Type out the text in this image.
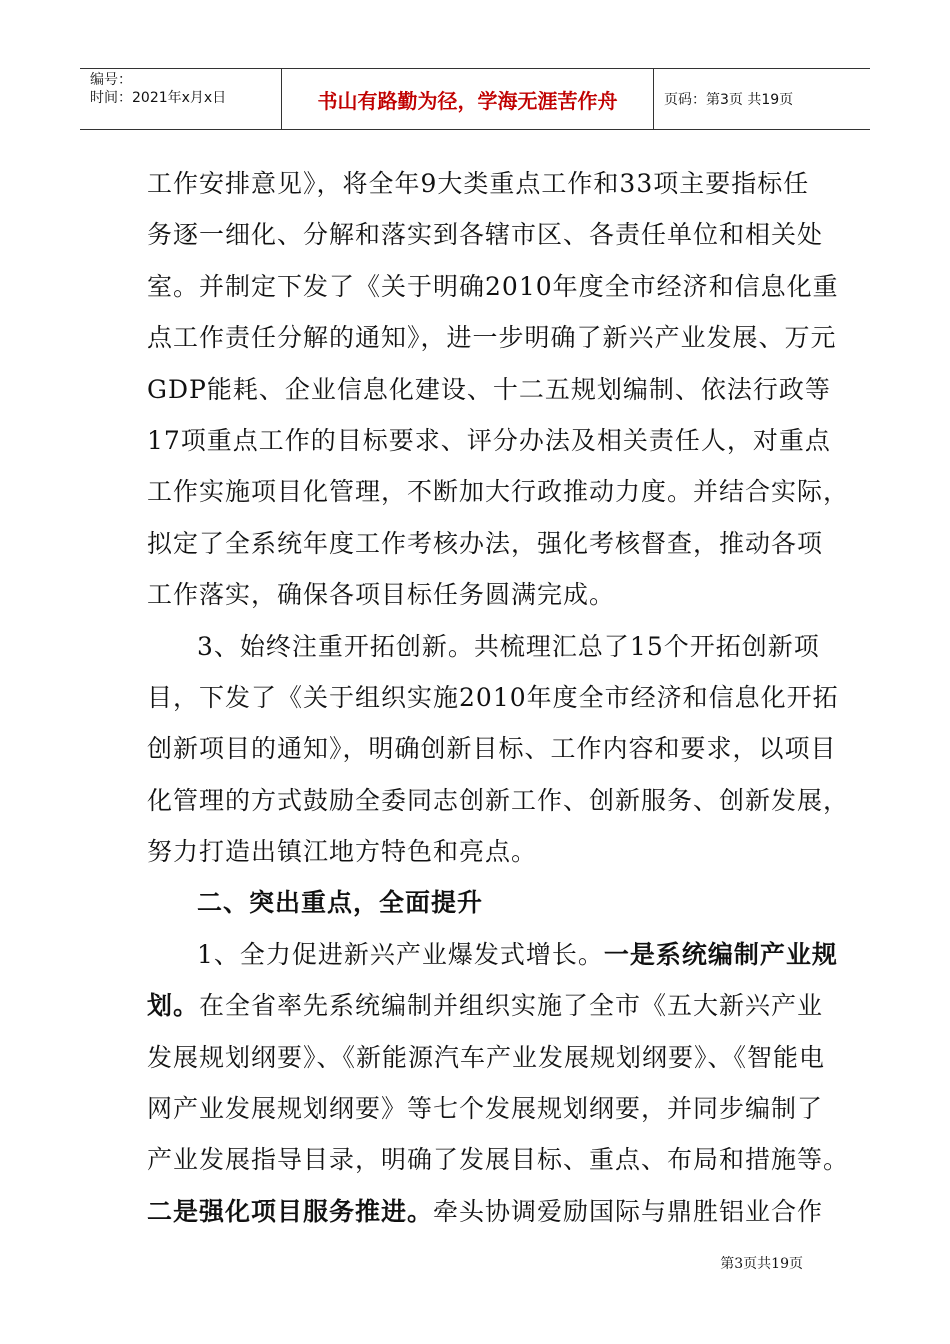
编号：
时间：2021年x月x日	书山有路勤为径，学海无涯苦作舟	页码：第3页 共19页
工作安排意见》，将全年9大类重点工作和33项主要指标任
务逐一细化、分解和落实到各辖市区、各责任单位和相关处
室。并制定下发了《关于明确2010年度全市经济和信息化重
点工作责任分解的通知》，进一步明确了新兴产业发展、万元
GDP能耗、企业信息化建设、十二五规划编制、依法行政等
17项重点工作的目标要求、评分办法及相关责任人，对重点
工作实施项目化管理，不断加大行政推动力度。并结合实际，
拟定了全系统年度工作考核办法，强化考核督查，推动各项
工作落实，确保各项目标任务圆满完成。
3、始终注重开拓创新。共梳理汇总了15个开拓创新项
目，下发了《关于组织实施2010年度全市经济和信息化开拓
创新项目的通知》，明确创新目标、工作内容和要求，以项目
化管理的方式鼓励全委同志创新工作、创新服务、创新发展，
努力打造出镇江地方特色和亮点。
二、突出重点，全面提升
1、全力促进新兴产业爆发式增长。一是系统编制产业规
划。在全省率先系统编制并组织实施了全市《五大新兴产业
发展规划纲要》、《新能源汽车产业发展规划纲要》、《智能电
网产业发展规划纲要》等七个发展规划纲要，并同步编制了
产业发展指导目录，明确了发展目标、重点、布局和措施等。
二是强化项目服务推进。牵头协调爱励国际与鼎胜铝业合作
第3页共19页
